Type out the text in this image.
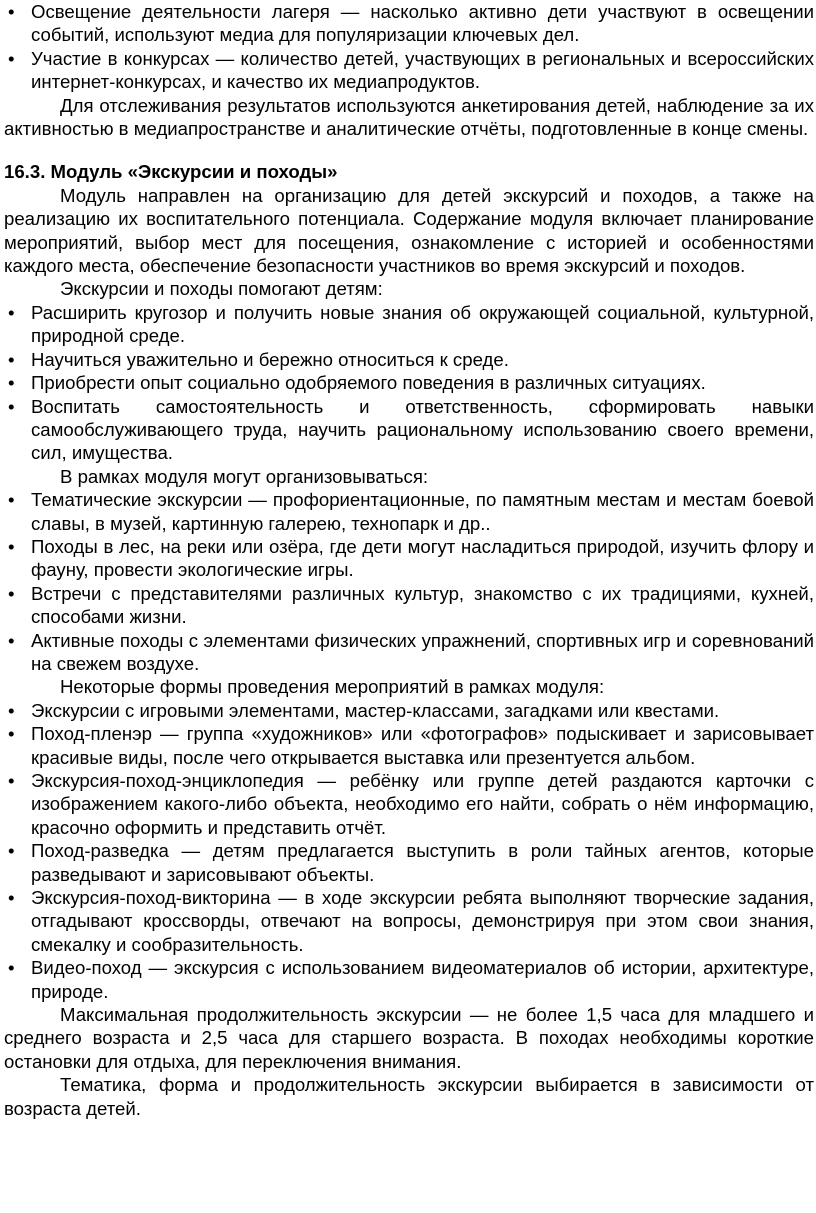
• Освещение деятельности лагеря — насколько активно дети участвуют в освещении событий, используют медиа для популяризации ключевых дел.
• Участие в конкурсах — количество детей, участвующих в региональных и всероссийских интернет-конкурсах, и качество их медиапродуктов.

Для отслеживания результатов используются анкетирования детей, наблюдение за их активностью в медиапространстве и аналитические отчёты, подготовленные в конце смены.

16.3. Модуль «Экскурсии и походы»

Модуль направлен на организацию для детей экскурсий и походов, а также на реализацию их воспитательного потенциала. Содержание модуля включает планирование мероприятий, выбор мест для посещения, ознакомление с историей и особенностями каждого места, обеспечение безопасности участников во время экскурсий и походов.

Экскурсии и походы помогают детям:

• Расширить кругозор и получить новые знания об окружающей социальной, культурной, природной среде.
• Научиться уважительно и бережно относиться к среде.
• Приобрести опыт социально одобряемого поведения в различных ситуациях.
• Воспитать самостоятельность и ответственность, сформировать навыки самообслуживающего труда, научить рациональному использованию своего времени, сил, имущества.

В рамках модуля могут организовываться:

• Тематические экскурсии — профориентационные, по памятным местам и местам боевой славы, в музей, картинную галерею, технопарк и др..
• Походы в лес, на реки или озёра, где дети могут насладиться природой, изучить флору и фауну, провести экологические игры.
• Встречи с представителями различных культур, знакомство с их традициями, кухней, способами жизни.
• Активные походы с элементами физических упражнений, спортивных игр и соревнований на свежем воздухе.

Некоторые формы проведения мероприятий в рамках модуля:

• Экскурсии с игровыми элементами, мастер-классами, загадками или квестами.
• Поход-пленэр — группа «художников» или «фотографов» подыскивает и зарисовывает красивые виды, после чего открывается выставка или презентуется альбом.
• Экскурсия-поход-энциклопедия — ребёнку или группе детей раздаются карточки с изображением какого-либо объекта, необходимо его найти, собрать о нём информацию, красочно оформить и представить отчёт.
• Поход-разведка — детям предлагается выступить в роли тайных агентов, которые разведывают и зарисовывают объекты.
• Экскурсия-поход-викторина — в ходе экскурсии ребята выполняют творческие задания, отгадывают кроссворды, отвечают на вопросы, демонстрируя при этом свои знания, смекалку и сообразительность.
• Видео-поход — экскурсия с использованием видеоматериалов об истории, архитектуре, природе.

Максимальная продолжительность экскурсии — не более 1,5 часа для младшего и среднего возраста и 2,5 часа для старшего возраста. В походах необходимы короткие остановки для отдыха, для переключения внимания.

Тематика, форма и продолжительность экскурсии выбирается в зависимости от возраста детей.
